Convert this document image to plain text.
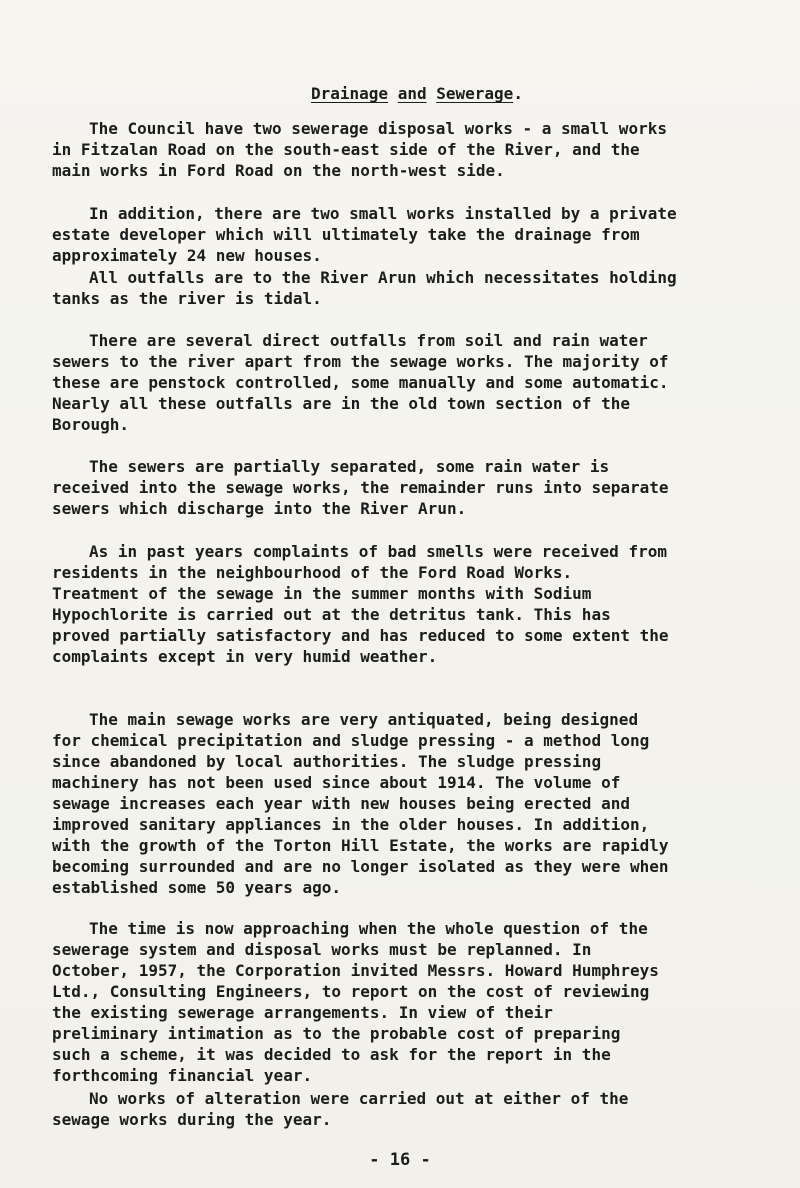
Drainage and Sewerage.
The Council have two sewerage disposal works - a small works
in Fitzalan Road on the south-east side of the River, and the
main works in Ford Road on the north-west side.
In addition, there are two small works installed by a private
estate developer which will ultimately take the drainage from
approximately 24 new houses.
All outfalls are to the River Arun which necessitates holding
tanks as the river is tidal.
There are several direct outfalls from soil and rain water
sewers to the river apart from the sewage works. The majority of
these are penstock controlled, some manually and some automatic.
Nearly all these outfalls are in the old town section of the
Borough.
The sewers are partially separated, some rain water is
received into the sewage works, the remainder runs into separate
sewers which discharge into the River Arun.
As in past years complaints of bad smells were received from
residents in the neighbourhood of the Ford Road Works.
Treatment of the sewage in the summer months with Sodium
Hypochlorite is carried out at the detritus tank. This has
proved partially satisfactory and has reduced to some extent the
complaints except in very humid weather.
The main sewage works are very antiquated, being designed
for chemical precipitation and sludge pressing - a method long
since abandoned by local authorities. The sludge pressing
machinery has not been used since about 1914. The volume of
sewage increases each year with new houses being erected and
improved sanitary appliances in the older houses. In addition,
with the growth of the Torton Hill Estate, the works are rapidly
becoming surrounded and are no longer isolated as they were when
established some 50 years ago.
The time is now approaching when the whole question of the
sewerage system and disposal works must be replanned. In
October, 1957, the Corporation invited Messrs. Howard Humphreys
Ltd., Consulting Engineers, to report on the cost of reviewing
the existing sewerage arrangements. In view of their
preliminary intimation as to the probable cost of preparing
such a scheme, it was decided to ask for the report in the
forthcoming financial year.
No works of alteration were carried out at either of the
sewage works during the year.
- 16 -
